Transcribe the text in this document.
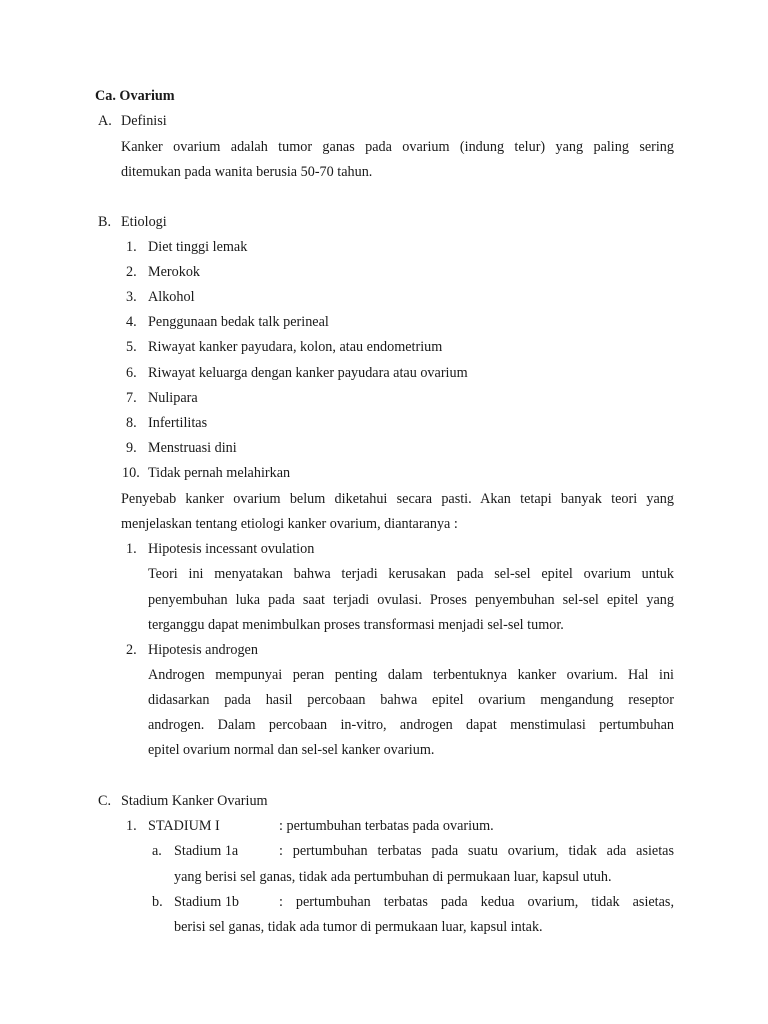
Ca. Ovarium
A. Definisi
Kanker ovarium adalah tumor ganas pada ovarium (indung telur) yang paling sering
ditemukan pada wanita berusia 50-70 tahun.
B. Etiologi
1. Diet tinggi lemak
2. Merokok
3. Alkohol
4. Penggunaan bedak talk perineal
5. Riwayat kanker payudara, kolon, atau endometrium
6. Riwayat keluarga dengan kanker payudara atau ovarium
7. Nulipara
8. Infertilitas
9. Menstruasi dini
10. Tidak pernah melahirkan
Penyebab kanker ovarium belum diketahui secara pasti. Akan tetapi banyak teori yang
menjelaskan tentang etiologi kanker ovarium, diantaranya :
1. Hipotesis incessant ovulation
Teori ini menyatakan bahwa terjadi kerusakan pada sel-sel epitel ovarium untuk
penyembuhan luka pada saat terjadi ovulasi. Proses penyembuhan sel-sel epitel yang
terganggu dapat menimbulkan proses transformasi menjadi sel-sel tumor.
2. Hipotesis androgen
Androgen mempunyai peran penting dalam terbentuknya kanker ovarium. Hal ini
didasarkan pada hasil percobaan bahwa epitel ovarium mengandung reseptor
androgen. Dalam percobaan in-vitro, androgen dapat menstimulasi pertumbuhan
epitel ovarium normal dan sel-sel kanker ovarium.
C. Stadium Kanker Ovarium
1. STADIUM I	: pertumbuhan terbatas pada ovarium.
a. Stadium 1a	: pertumbuhan terbatas pada suatu ovarium, tidak ada asietas
yang berisi sel ganas, tidak ada pertumbuhan di permukaan luar, kapsul utuh.
b. Stadium 1b	: pertumbuhan terbatas pada kedua ovarium, tidak asietas,
berisi sel ganas, tidak ada tumor di permukaan luar, kapsul intak.
